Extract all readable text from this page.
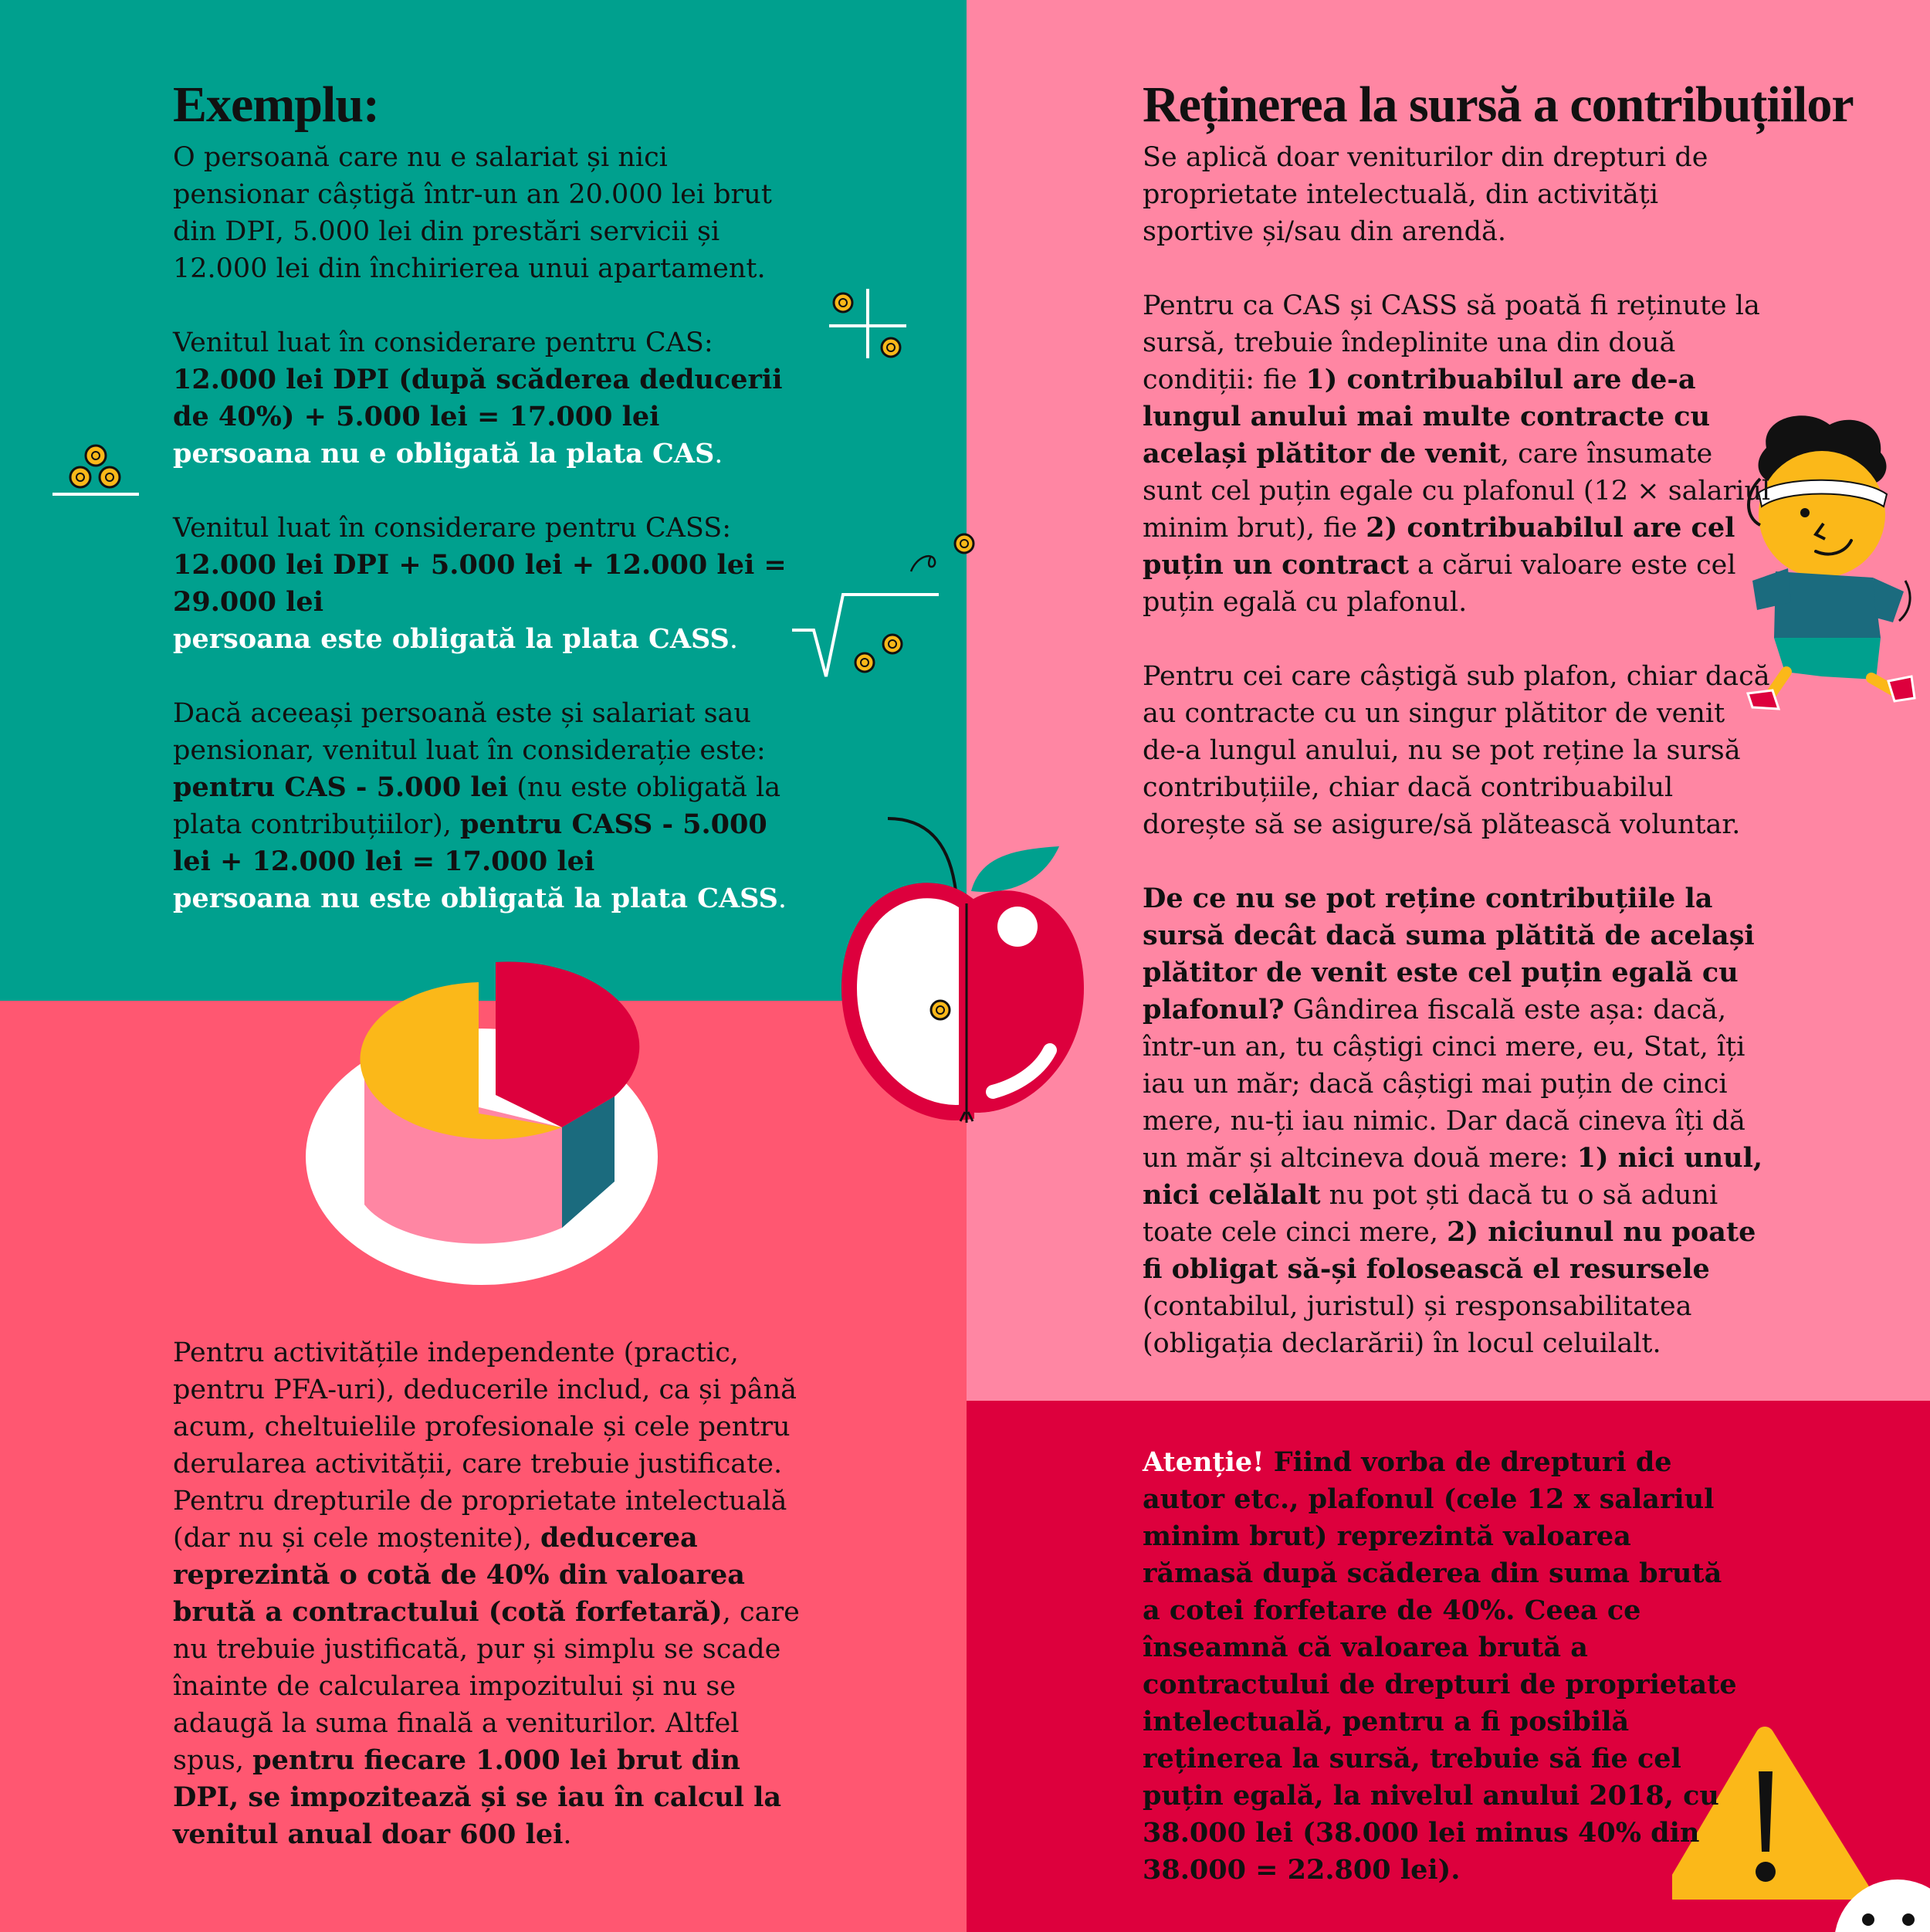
Exemplu:	Reținerea la sursă a contribuțiilor

O persoană care nu e salariat și nici pensionar câștigă într-un an 20.000 lei brut din DPI, 5.000 lei din prestări servicii și 12.000 lei din închirierea unui apartament.

Venitul luat în considerare pentru CAS:
12.000 lei DPI (după scăderea deducerii de 40%) + 5.000 lei = 17.000 lei
persoana nu e obligată la plata CAS.

Venitul luat în considerare pentru CASS:
12.000 lei DPI + 5.000 lei + 12.000 lei = 29.000 lei
persoana este obligată la plata CASS.

Dacă aceeași persoană este și salariat sau pensionar, venitul luat în considerație este: pentru CAS - 5.000 lei (nu este obligată la plata contribuțiilor), pentru CASS - 5.000 lei + 12.000 lei = 17.000 lei
persoana nu este obligată la plata CASS.

Pentru activitățile independente (practic, pentru PFA-uri), deducerile includ, ca și până acum, cheltuielile profesionale și cele pentru derularea activității, care trebuie justificate. Pentru drepturile de proprietate intelectuală (dar nu și cele moștenite), deducerea reprezintă o cotă de 40% din valoarea brută a contractului (cotă forfetară), care nu trebuie justificată, pur și simplu se scade înainte de calcularea impozitului și nu se adaugă la suma finală a veniturilor. Altfel spus, pentru fiecare 1.000 lei brut din DPI, se impozitează și se iau în calcul la venitul anual doar 600 lei.

Se aplică doar veniturilor din drepturi de proprietate intelectuală, din activități sportive și/sau din arendă.

Pentru ca CAS și CASS să poată fi reținute la sursă, trebuie îndeplinite una din două condiții: fie 1) contribuabilul are de-a lungul anului mai multe contracte cu același plătitor de venit, care însumate sunt cel puțin egale cu plafonul (12 × salariul minim brut), fie 2) contribuabilul are cel puțin un contract a cărui valoare este cel puțin egală cu plafonul.

Pentru cei care câștigă sub plafon, chiar dacă au contracte cu un singur plătitor de venit de-a lungul anului, nu se pot reține la sursă contribuțiile, chiar dacă contribuabilul dorește să se asigure/să plătească voluntar.

De ce nu se pot reține contribuțiile la sursă decât dacă suma plătită de același plătitor de venit este cel puțin egală cu plafonul? Gândirea fiscală este așa: dacă, într-un an, tu câștigi cinci mere, eu, Stat, îți iau un măr; dacă câștigi mai puțin de cinci mere, nu-ți iau nimic. Dar dacă cineva îți dă un măr și altcineva două mere: 1) nici unul, nici celălalt nu pot ști dacă tu o să aduni toate cele cinci mere, 2) niciunul nu poate fi obligat să-și folosească el resursele (contabilul, juristul) și responsabilitatea (obligația declarării) în locul celuilalt.

Atenție! Fiind vorba de drepturi de autor etc., plafonul (cele 12 x salariul minim brut) reprezintă valoarea rămasă după scăderea din suma brută a cotei forfetare de 40%. Ceea ce înseamnă că valoarea brută a contractului de drepturi de proprietate intelectuală, pentru a fi posibilă reținerea la sursă, trebuie să fie cel puțin egală, la nivelul anului 2018, cu 38.000 lei (38.000 lei minus 40% din 38.000 = 22.800 lei).
